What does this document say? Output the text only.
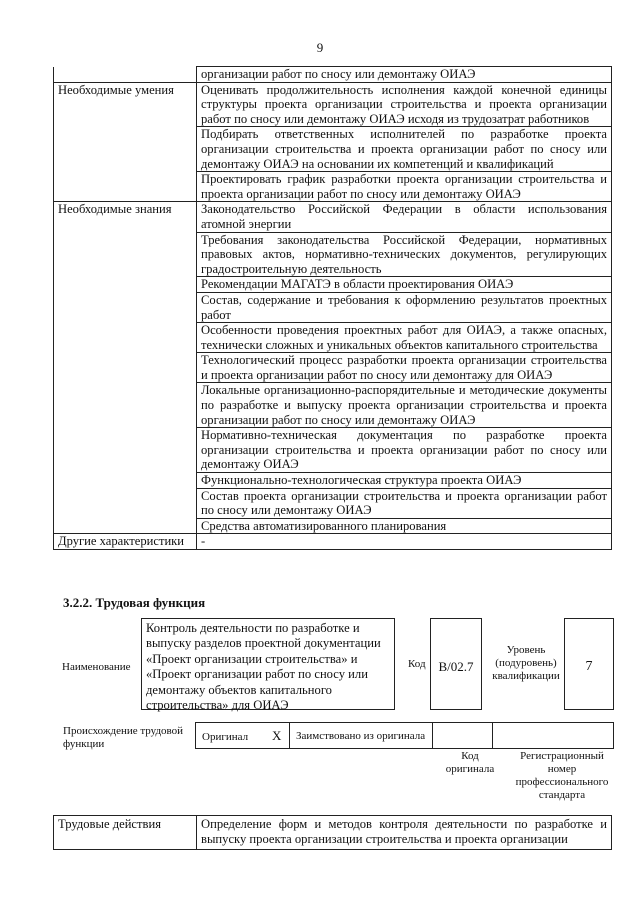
9
	организации работ по сносу или демонтажу ОИАЭ
Необходимые умения	Оценивать продолжительность исполнения каждой конечной единицы структуры проекта организации строительства и проекта организации работ по сносу или демонтажу ОИАЭ исходя из трудозатрат работников
	Подбирать ответственных исполнителей по разработке проекта организации строительства и проекта организации работ по сносу или демонтажу ОИАЭ на основании их компетенций и квалификаций
	Проектировать график разработки проекта организации строительства и проекта организации работ по сносу или демонтажу ОИАЭ
Необходимые знания	Законодательство Российской Федерации в области использования атомной энергии
	Требования законодательства Российской Федерации, нормативных правовых актов, нормативно-технических документов, регулирующих градостроительную деятельность
	Рекомендации МАГАТЭ в области проектирования ОИАЭ
	Состав, содержание и требования к оформлению результатов проектных работ
	Особенности проведения проектных работ для ОИАЭ, а также опасных, технически сложных и уникальных объектов капитального строительства
	Технологический процесс разработки проекта организации строительства и проекта организации работ по сносу или демонтажу для ОИАЭ
	Локальные организационно-распорядительные и методические документы по разработке и выпуску проекта организации строительства и проекта организации работ по сносу или демонтажу ОИАЭ
	Нормативно-техническая документация по разработке проекта организации строительства и проекта организации работ по сносу или демонтажу ОИАЭ
	Функционально-технологическая структура проекта ОИАЭ
	Состав проекта организации строительства и проекта организации работ по сносу или демонтажу ОИАЭ
	Средства автоматизированного планирования
Другие характеристики	-
3.2.2. Трудовая функция
Наименование
Контроль деятельности по разработке и выпуску разделов проектной документации «Проект организации строительства» и «Проект организации работ по сносу или демонтажу объектов капитального строительства» для ОИАЭ
Код B/02.7
Уровень (подуровень) квалификации
7
Происхождение трудовой функции
Оригинал X	Заимствовано из оригинала
Код оригинала
Регистрационный номер профессионального стандарта
Трудовые действия	Определение форм и методов контроля деятельности по разработке и выпуску проекта организации строительства и проекта организации
